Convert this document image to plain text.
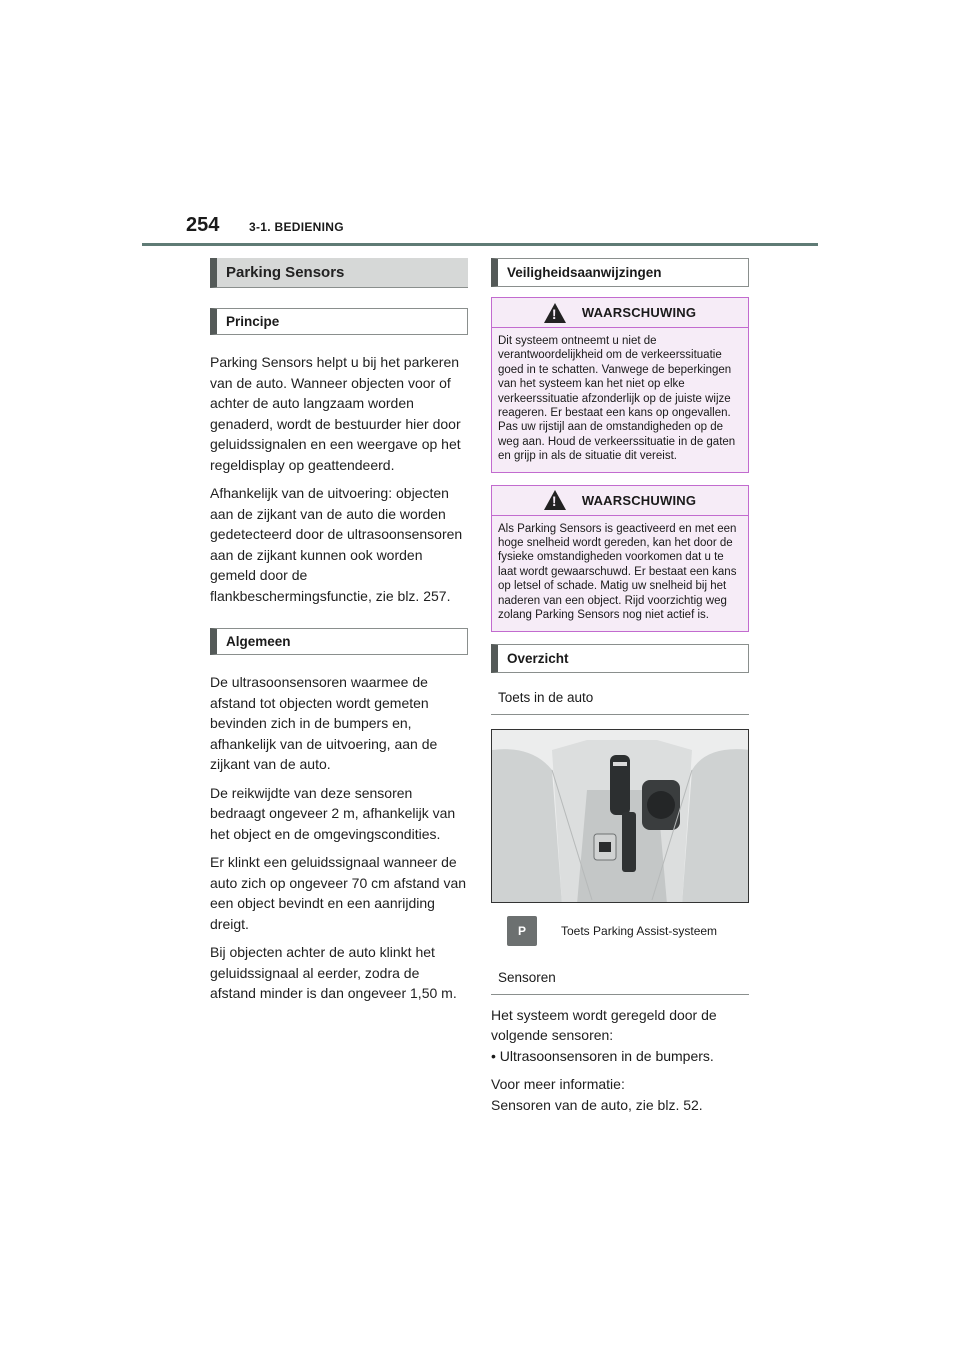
254 3-1. BEDIENING
Parking Sensors
Principe

Parking Sensors helpt u bij het parkeren van de auto. Wanneer objecten voor of achter de auto langzaam worden genaderd, wordt de bestuurder hier door geluidssignalen en een weergave op het regeldisplay op geattendeerd.

Afhankelijk van de uitvoering: objecten aan de zijkant van de auto die worden gedetecteerd door de ultrasoonsensoren aan de zijkant kunnen ook worden gemeld door de flankbeschermingsfunctie, zie blz. 257.

Algemeen

De ultrasoonsensoren waarmee de afstand tot objecten wordt gemeten bevinden zich in de bumpers en, afhankelijk van de uitvoering, aan de zijkant van de auto.

De reikwijdte van deze sensoren bedraagt ongeveer 2 m, afhankelijk van het object en de omgevingscondities.

Er klinkt een geluidssignaal wanneer de auto zich op ongeveer 70 cm afstand van een object bevindt en een aanrijding dreigt.

Bij objecten achter de auto klinkt het geluidssignaal al eerder, zodra de afstand minder is dan ongeveer 1,50 m.

Veiligheidsaanwijzingen
!
WAARSCHUWING
Dit systeem ontneemt u niet de verantwoordelijkheid om de verkeerssituatie goed in te schatten. Vanwege de beperkingen van het systeem kan het niet op elke verkeerssituatie afzonderlijk op de juiste wijze reageren. Er bestaat een kans op ongevallen. Pas uw rijstijl aan de omstandigheden op de weg aan. Houd de verkeerssituatie in de gaten en grijp in als de situatie dit vereist.
!
WAARSCHUWING
Als Parking Sensors is geactiveerd en met een hoge snelheid wordt gereden, kan het door de fysieke omstandigheden voorkomen dat u te laat wordt gewaarschuwd. Er bestaat een kans op letsel of schade. Matig uw snelheid bij het naderen van een object. Rijd voorzichtig weg zolang Parking Sensors nog niet actief is.
Overzicht
Toets in de auto
P	Toets Parking Assist-systeem
Sensoren

Het systeem wordt geregeld door de volgende sensoren:

• Ultrasoonsensoren in de bumpers.

Voor meer informatie:

Sensoren van de auto, zie blz. 52.
